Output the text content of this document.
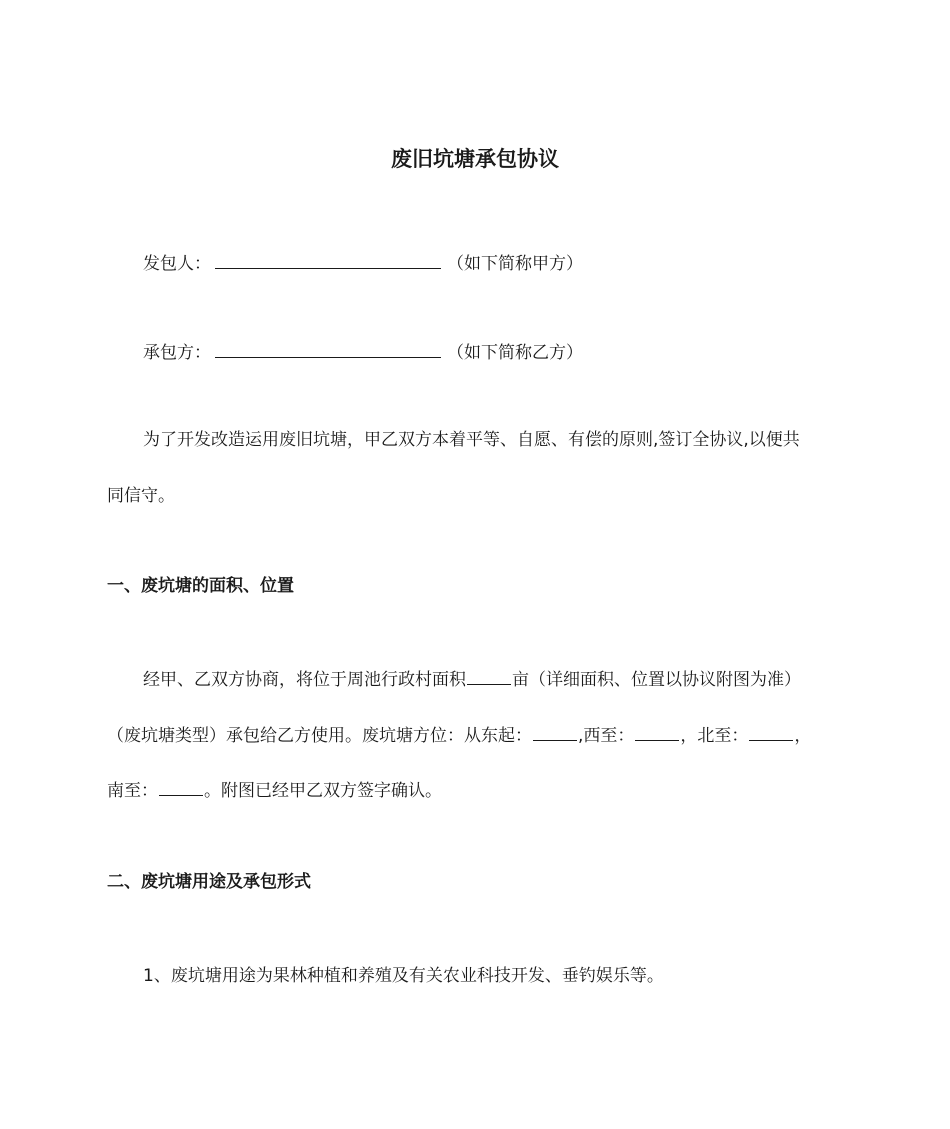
废旧坑塘承包协议

发包人：	（如下简称甲方）

承包方：	（如下简称乙方）

为了开发改造运用废旧坑塘，甲乙双方本着平等、自愿、有偿的原则,签订全协议,以便共

同信守。

一、废坑塘的面积、位置

经甲、乙双方协商，将位于周池行政村面积	亩（详细面积、位置以协议附图为准）

（废坑塘类型）承包给乙方使用。废坑塘方位：从东起：	,西至：	，北至：	，

南至：	。附图已经甲乙双方签字确认。

二、废坑塘用途及承包形式

1、废坑塘用途为果林种植和养殖及有关农业科技开发、垂钓娱乐等。
